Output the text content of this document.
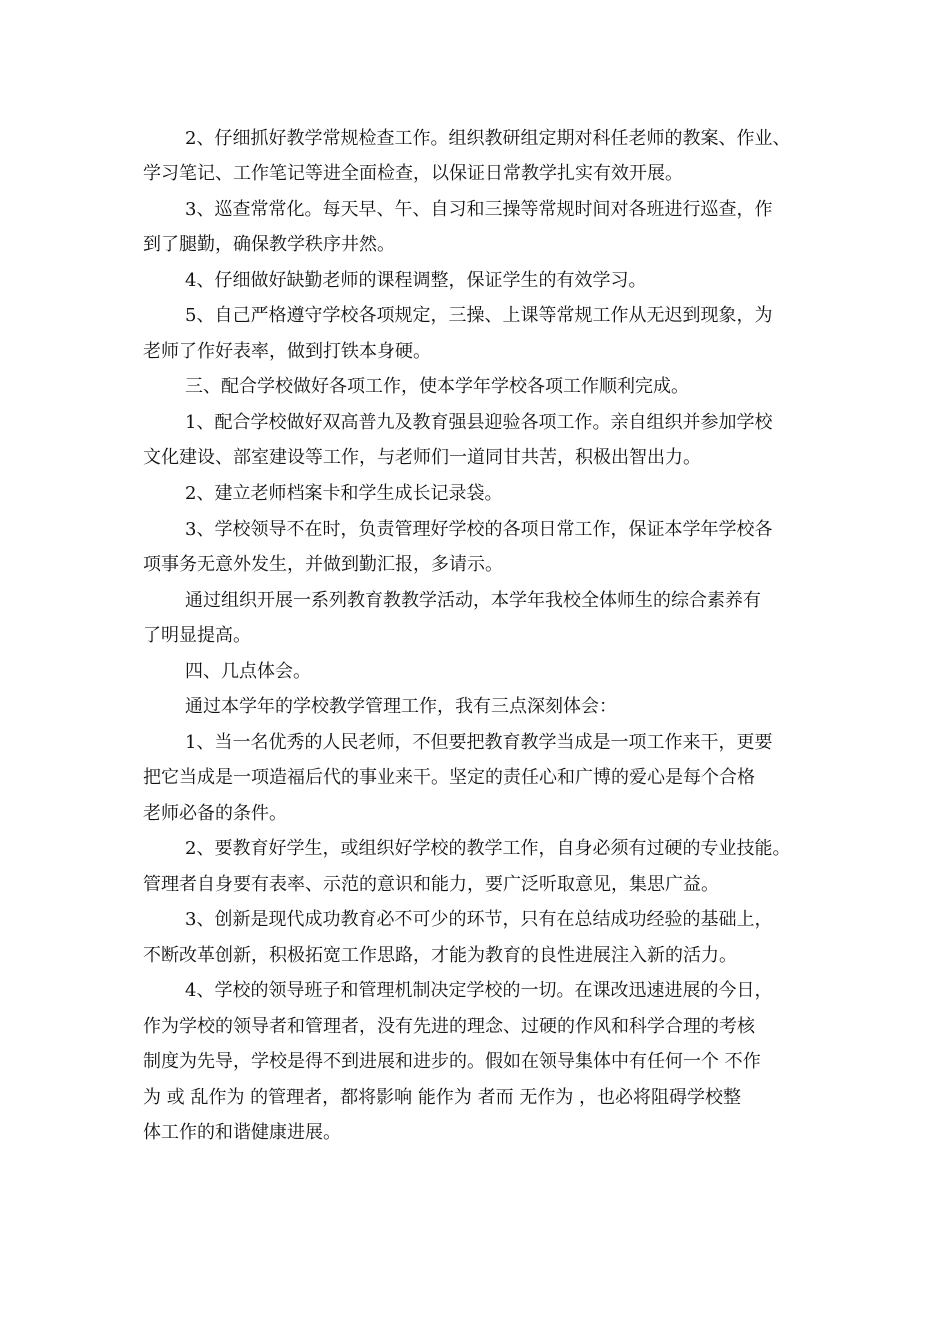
2、仔细抓好教学常规检查工作。组织教研组定期对科任老师的教案、作业、
学习笔记、工作笔记等进全面检查，以保证日常教学扎实有效开展。
3、巡查常常化。每天早、午、自习和三操等常规时间对各班进行巡查，作
到了腿勤，确保教学秩序井然。
4、仔细做好缺勤老师的课程调整，保证学生的有效学习。
5、自己严格遵守学校各项规定，三操、上课等常规工作从无迟到现象，为
老师了作好表率，做到打铁本身硬。
三、配合学校做好各项工作，使本学年学校各项工作顺利完成。
1、配合学校做好双高普九及教育强县迎验各项工作。亲自组织并参加学校
文化建设、部室建设等工作，与老师们一道同甘共苦，积极出智出力。
2、建立老师档案卡和学生成长记录袋。
3、学校领导不在时，负责管理好学校的各项日常工作，保证本学年学校各
项事务无意外发生，并做到勤汇报，多请示。
通过组织开展一系列教育教教学活动，本学年我校全体师生的综合素养有
了明显提高。
四、几点体会。
通过本学年的学校教学管理工作，我有三点深刻体会：
1、当一名优秀的人民老师，不但要把教育教学当成是一项工作来干，更要
把它当成是一项造福后代的事业来干。坚定的责任心和广博的爱心是每个合格
老师必备的条件。
2、要教育好学生，或组织好学校的教学工作，自身必须有过硬的专业技能。
管理者自身要有表率、示范的意识和能力，要广泛听取意见，集思广益。
3、创新是现代成功教育必不可少的环节，只有在总结成功经验的基础上，
不断改革创新，积极拓宽工作思路，才能为教育的良性进展注入新的活力。
4、学校的领导班子和管理机制决定学校的一切。在课改迅速进展的今日，
作为学校的领导者和管理者，没有先进的理念、过硬的作风和科学合理的考核
制度为先导，学校是得不到进展和进步的。假如在领导集体中有任何一个 不作
为 或 乱作为 的管理者，都将影响 能作为 者而 无作为 ，也必将阻碍学校整
体工作的和谐健康进展。
